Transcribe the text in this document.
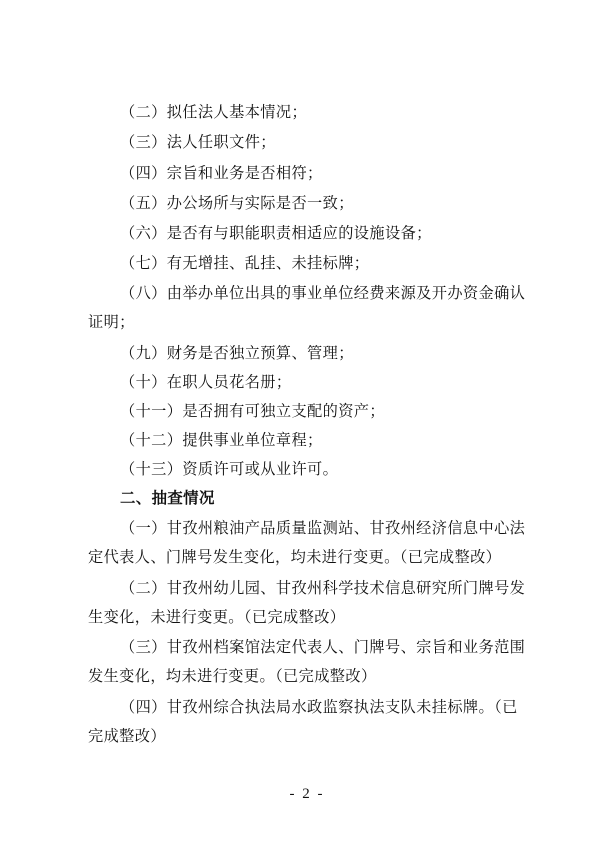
（二）拟任法人基本情况；
（三）法人任职文件；
（四）宗旨和业务是否相符；
（五）办公场所与实际是否一致；
（六）是否有与职能职责相适应的设施设备；
（七）有无增挂、乱挂、未挂标牌；
（八）由举办单位出具的事业单位经费来源及开办资金确认
证明；
（九）财务是否独立预算、管理；
（十）在职人员花名册；
（十一）是否拥有可独立支配的资产；
（十二）提供事业单位章程；
（十三）资质许可或从业许可。
二、抽查情况
（一）甘孜州粮油产品质量监测站、甘孜州经济信息中心法
定代表人、门牌号发生变化，均未进行变更。（已完成整改）
（二）甘孜州幼儿园、甘孜州科学技术信息研究所门牌号发
生变化，未进行变更。（已完成整改）
（三）甘孜州档案馆法定代表人、门牌号、宗旨和业务范围
发生变化，均未进行变更。（已完成整改）
（四）甘孜州综合执法局水政监察执法支队未挂标牌。（已
完成整改）
- 2 -
